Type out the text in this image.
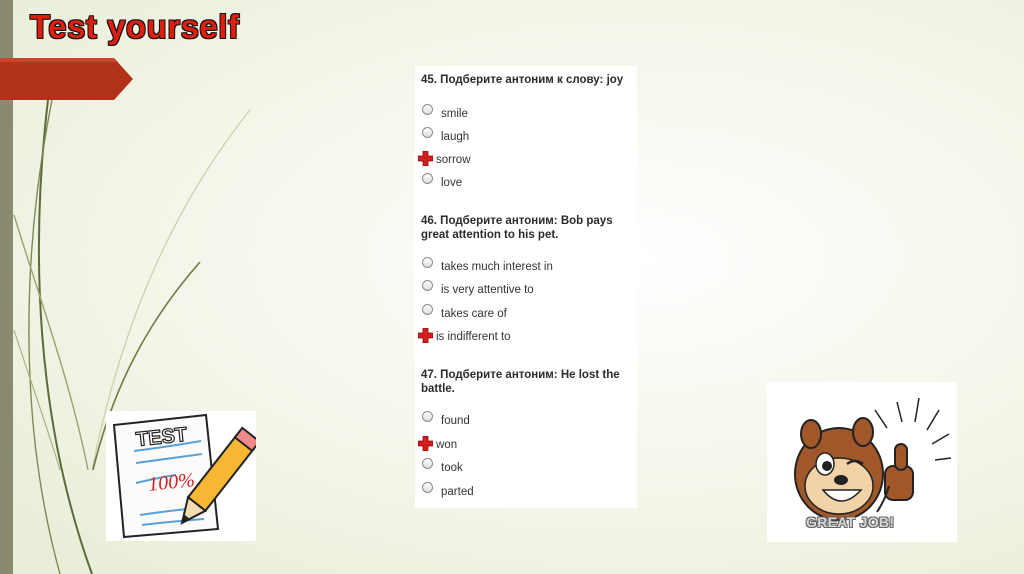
Test yourself
45. Подберите антоним к слову: joy
smile
laugh
sorrow
love
46. Подберите антоним: Bob pays great attention to his pet.
takes much interest in
is very attentive to
takes care of
is indifferent to
47. Подберите антоним: He lost the battle.
found
won
took
parted
TEST
100%
GREAT JOB!
